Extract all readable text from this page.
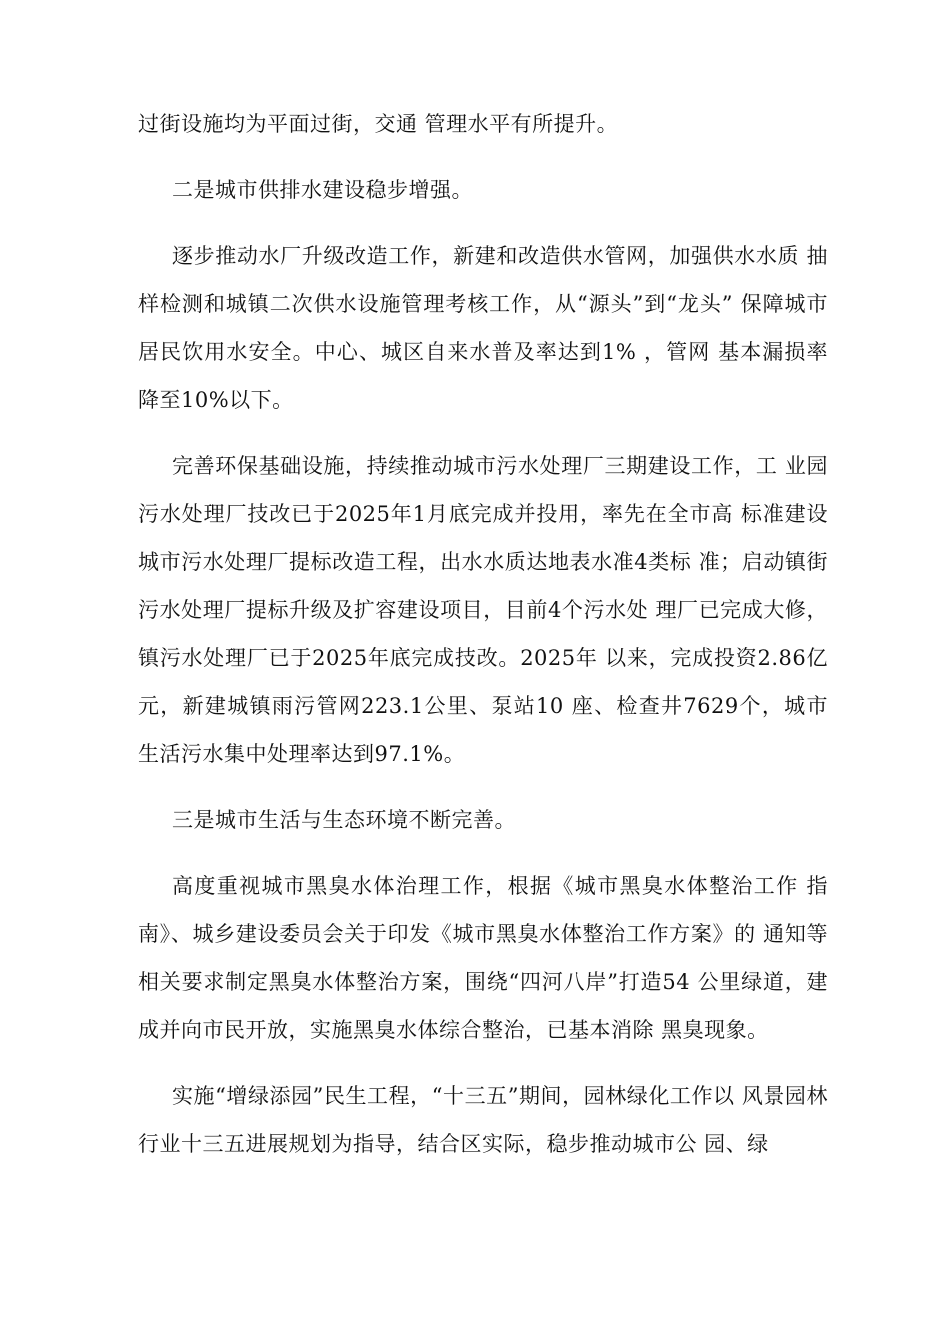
过街设施均为平面过街，交通 管理水平有所提升。

二是城市供排水建设稳步增强。

逐步推动水厂升级改造工作，新建和改造供水管网，加强供水水质 抽样检测和城镇二次供水设施管理考核工作，从“源头”到“龙头” 保障城市居民饮用水安全。中心、城区自来水普及率达到1% ，管网 基本漏损率降至10%以下。

完善环保基础设施，持续推动城市污水处理厂三期建设工作，工 业园污水处理厂技改已于2025年1月底完成并投用，率先在全市高 标准建设城市污水处理厂提标改造工程，出水水质达地表水准4类标 准；启动镇街污水处理厂提标升级及扩容建设项目，目前4个污水处 理厂已完成大修，镇污水处理厂已于2025年底完成技改。2025年 以来，完成投资2.86亿元，新建城镇雨污管网223.1公里、泵站10 座、检查井7629个，城市生活污水集中处理率达到97.1%。

三是城市生活与生态环境不断完善。

高度重视城市黑臭水体治理工作，根据《城市黑臭水体整治工作 指南》、城乡建设委员会关于印发《城市黑臭水体整治工作方案》的 通知等相关要求制定黑臭水体整治方案，围绕“四河八岸”打造54 公里绿道，建成并向市民开放，实施黑臭水体综合整治，已基本消除 黑臭现象。

实施“增绿添园”民生工程，“十三五”期间，园林绿化工作以 风景园林行业十三五进展规划为指导，结合区实际，稳步推动城市公 园、绿
